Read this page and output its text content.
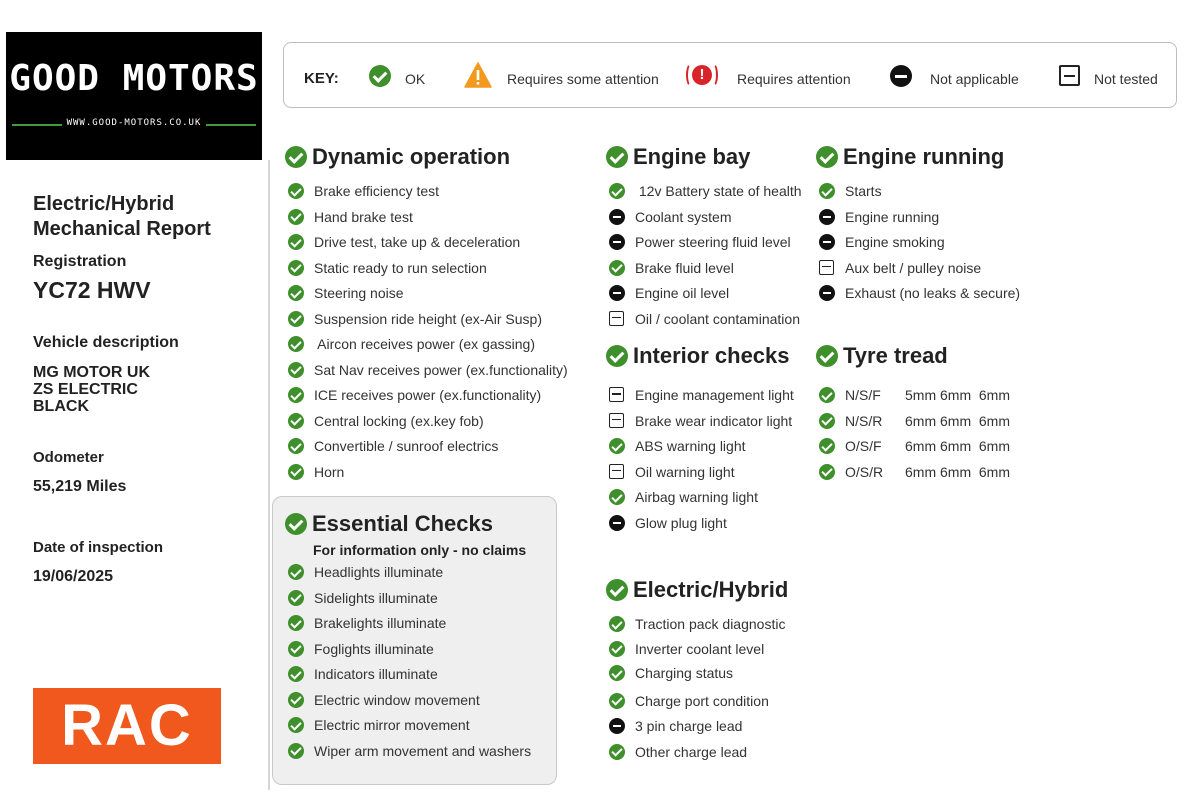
GOOD MOTORS
WWW.GOOD-MOTORS.CO.UK
Electric/Hybrid
Mechanical Report
Registration
YC72 HWV
Vehicle description
MG MOTOR UK
ZS ELECTRIC
BLACK
Odometer
55,219 Miles
Date of inspection
19/06/2025
RAC
KEY:	OK	Requires some attention	!	Requires attention	Not applicable	Not tested
Dynamic operation
Essential Checks
For information only - no claims
Engine bay
Interior checks
Electric/Hybrid
Engine running
Tyre tread
Brake efficiency test
Hand brake test
Drive test, take up & deceleration
Static ready to run selection
Steering noise
Suspension ride height (ex-Air Susp)
Aircon receives power (ex gassing)
Sat Nav receives power (ex.functionality)
ICE receives power (ex.functionality)
Central locking (ex.key fob)
Convertible / sunroof electrics
Horn
Headlights illuminate
Sidelights illuminate
Brakelights illuminate
Foglights illuminate
Indicators illuminate
Electric window movement
Electric mirror movement
Wiper arm movement and washers
12v Battery state of health
Coolant system
Power steering fluid level
Brake fluid level
Engine oil level
Oil / coolant contamination
Engine management light
Brake wear indicator light
ABS warning light
Oil warning light
Airbag warning light
Glow plug light
Traction pack diagnostic
Inverter coolant level
Charging status
Charge port condition
3 pin charge lead
Other charge lead
Starts
Engine running
Engine smoking
Aux belt / pulley noise
Exhaust (no leaks & secure)
N/S/F 5mm 6mm  6mm
N/S/R 6mm 6mm  6mm
O/S/F 6mm 6mm  6mm
O/S/R 6mm 6mm  6mm
